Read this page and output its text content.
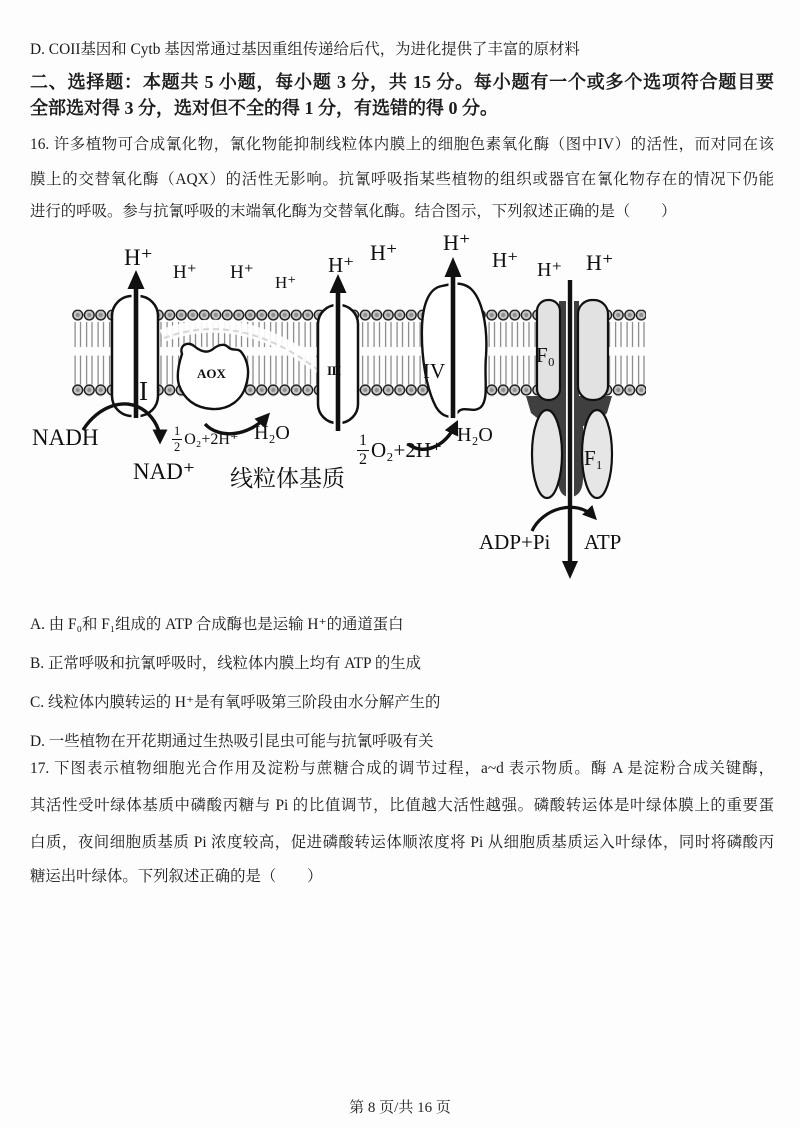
D. COII基因和 Cytb 基因常通过基因重组传递给后代，为进化提供了丰富的原材料
二、选择题：本题共 5 小题，每小题 3 分，共 15 分。每小题有一个或多个选项符合题目要
全部选对得 3 分，选对但不全的得 1 分，有选错的得 0 分。
16. 许多植物可合成氰化物，氰化物能抑制线粒体内膜上的细胞色素氧化酶（图中IV）的活性，而对同在该
膜上的交替氧化酶（AQX）的活性无影响。抗氰呼吸指某些植物的组织或器官在氰化物存在的情况下仍能
进行的呼吸。参与抗氰呼吸的末端氧化酶为交替氧化酶。结合图示，下列叙述正确的是（　　）
H⁺
H⁺ H⁺ H⁺
H⁺ H⁺ H⁺
H⁺ H⁺ H⁺
I
AOX	III	IV
F₀
F₁
NADH
NAD⁺
$\frac{1}{2} O_2+2H^+$ H₂O
线粒体基质
$\frac{1}{2} O_2+2H^+$
H₂O
ADP+Pi ATP
A. 由 F₀和 F₁组成的 ATP 合成酶也是运输 H⁺的通道蛋白
B. 正常呼吸和抗氰呼吸时，线粒体内膜上均有 ATP 的生成
C. 线粒体内膜转运的 H⁺是有氧呼吸第三阶段由水分解产生的
D. 一些植物在开花期通过生热吸引昆虫可能与抗氰呼吸有关
17. 下图表示植物细胞光合作用及淀粉与蔗糖合成的调节过程，a~d 表示物质。酶 A 是淀粉合成关键酶，
其活性受叶绿体基质中磷酸丙糖与 Pi 的比值调节，比值越大活性越强。磷酸转运体是叶绿体膜上的重要蛋
白质，夜间细胞质基质 Pi 浓度较高，促进磷酸转运体顺浓度将 Pi 从细胞质基质运入叶绿体，同时将磷酸丙
糖运出叶绿体。下列叙述正确的是（　　）
第 8 页/共 16 页
